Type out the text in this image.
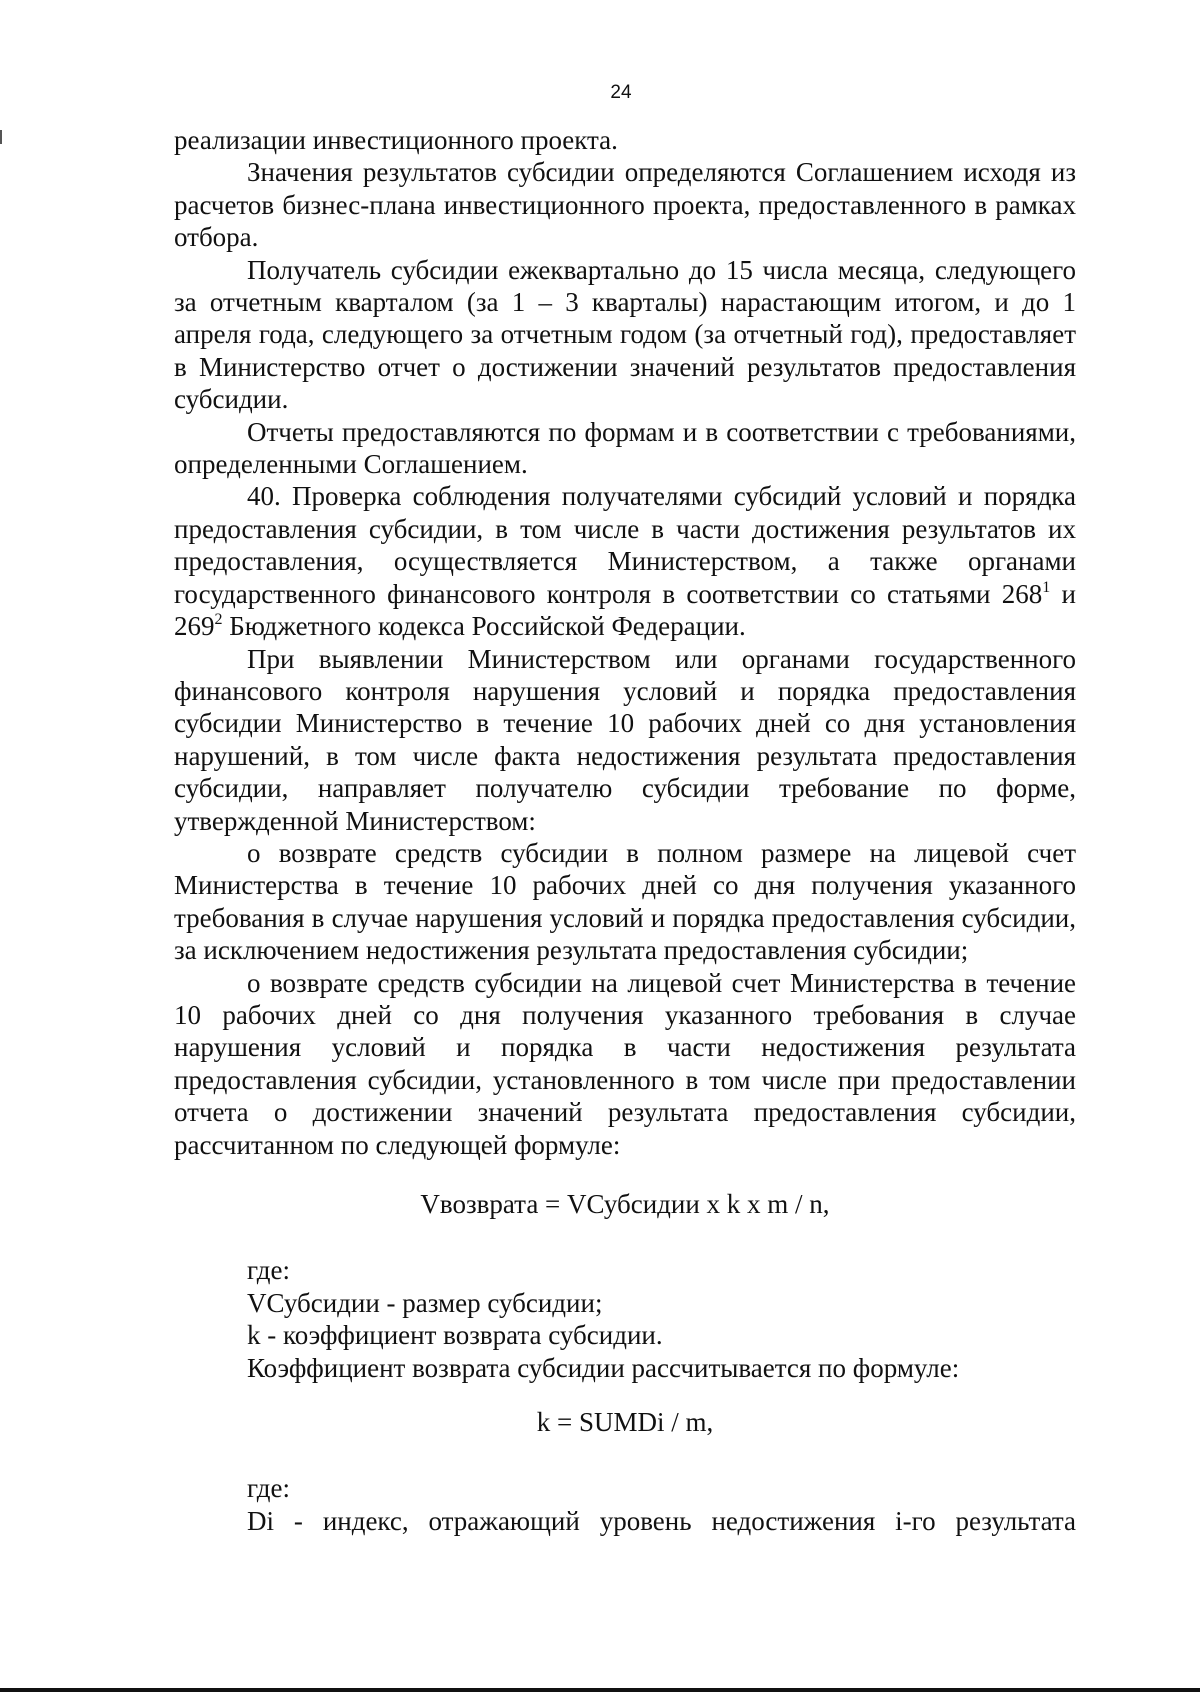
24

реализации инвестиционного проекта.

Значения результатов субсидии определяются Соглашением исходя из расчетов бизнес-плана инвестиционного проекта, предоставленного в рамках отбора.

Получатель субсидии ежеквартально до 15 числа месяца, следующего за отчетным кварталом (за 1 – 3 кварталы) нарастающим итогом, и до 1 апреля года, следующего за отчетным годом (за отчетный год), предоставляет в Министерство отчет о достижении значений результатов предоставления субсидии.

Отчеты предоставляются по формам и в соответствии с требованиями, определенными Соглашением.

40. Проверка соблюдения получателями субсидий условий и порядка предоставления субсидии, в том числе в части достижения результатов их предоставления, осуществляется Министерством, а также органами государственного финансового контроля в соответствии со статьями $268^1$ и $269^2$ Бюджетного кодекса Российской Федерации.

При выявлении Министерством или органами государственного финансового контроля нарушения условий и порядка предоставления субсидии Министерство в течение 10 рабочих дней со дня установления нарушений, в том числе факта недостижения результата предоставления субсидии, направляет получателю субсидии требование по форме, утвержденной Министерством:

о возврате средств субсидии в полном размере на лицевой счет Министерства в течение 10 рабочих дней со дня получения указанного требования в случае нарушения условий и порядка предоставления субсидии, за исключением недостижения результата предоставления субсидии;

о возврате средств субсидии на лицевой счет Министерства в течение 10 рабочих дней со дня получения указанного требования в случае нарушения условий и порядка в части недостижения результата предоставления субсидии, установленного в том числе при предоставлении отчета о достижении значений результата предоставления субсидии, рассчитанном по следующей формуле:

Vвозврата = VСубсидии x k x m / n,

где:

VСубсидии - размер субсидии;

k - коэффициент возврата субсидии.

Коэффициент возврата субсидии рассчитывается по формуле:

k = SUMDi / m,

где:

Di - индекс, отражающий уровень недостижения i-го результата
